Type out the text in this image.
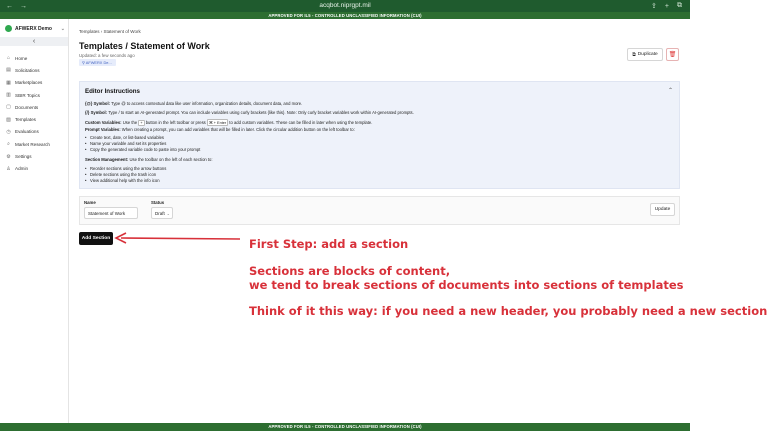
← →	acqbot.niprgpt.mil	⇪ + ⧉
APPROVED FOR IL5 - CONTROLLED UNCLASSIFIED INFORMATION (CUI)
AFWERX Demo ⌄
‹
⌂ Home
▤ Solicitations
▦ Marketplaces
▥ SBIR Topics
▢ Documents
▧ Templates
◷ Evaluations
⌕ Market Research
⚙ Settings
♙ Admin
Templates › Statement of Work
Templates / Statement of Work
Updated: a few seconds ago
⚲ AFWERX De...
⧉ Duplicate 🗑
Editor Instructions	⌃
{@} Symbol: Type @ to access contextual data like user information, organization details, document data, and more.
{/} Symbol: Type / to start an AI-generated prompt. You can include variables using curly brackets {like this}. Note: Only curly bracket variables work within AI-generated prompts.
Custom Variables: Use the + button in the left toolbar or press ⌘ + Enter to add custom variables. These can be filled in later when using the template.
Prompt Variables: When creating a prompt, you can add variables that will be filled in later. Click the circular addition button on the left toolbar to:
• Create text, date, or list-based variables
• Name your variable and set its properties
• Copy the generated variable code to paste into your prompt
Section Management: Use the toolbar on the left of each section to:
• Reorder sections using the arrow buttons
• Delete sections using the trash icon
• View additional help with the info icon
Name
Statement of Work
Status
Draft ⌄
Update
Add Section	First Step: add a section
Sections are blocks of content,
we tend to break sections of documents into sections of templates
Think of it this way: if you need a new header, you probably need a new section
APPROVED FOR IL5 - CONTROLLED UNCLASSIFIED INFORMATION (CUI)
